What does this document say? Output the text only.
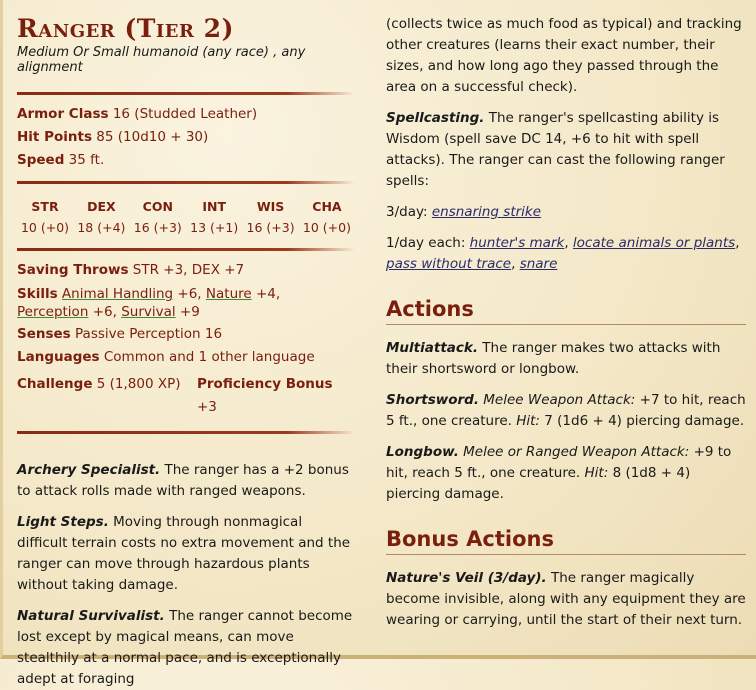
Ranger (Tier 2)
Medium Or Small humanoid (any race) , any alignment
Armor Class 16 (Studded Leather)
Hit Points 85 (10d10 + 30)
Speed 35 ft.
STR
10 (+0)
DEX
18 (+4)
CON
16 (+3)
INT
13 (+1)
WIS
16 (+3)
CHA
10 (+0)
Saving Throws STR +3, DEX +7
Skills Animal Handling +6, Nature +4, Perception +6, Survival +9
Senses Passive Perception 16
Languages Common and 1 other language
Challenge 5 (1,800 XP)	Proficiency Bonus +3

Archery Specialist. The ranger has a +2 bonus to attack rolls made with ranged weapons.

Light Steps. Moving through nonmagical difficult terrain costs no extra movement and the ranger can move through hazardous plants without taking damage.

Natural Survivalist. The ranger cannot become lost except by magical means, can move stealthily at a normal pace, and is exceptionally adept at foraging

(collects twice as much food as typical) and tracking other creatures (learns their exact number, their sizes, and how long ago they passed through the area on a successful check).

Spellcasting. The ranger's spellcasting ability is Wisdom (spell save DC 14, +6 to hit with spell attacks). The ranger can cast the following ranger spells:

3/day: ensnaring strike

1/day each: hunter's mark, locate animals or plants, pass without trace, snare

Actions

Multiattack. The ranger makes two attacks with their shortsword or longbow.

Shortsword. Melee Weapon Attack: +7 to hit, reach 5 ft., one creature. Hit: 7 (1d6 + 4) piercing damage.

Longbow. Melee or Ranged Weapon Attack: +9 to hit, reach 5 ft., one creature. Hit: 8 (1d8 + 4) piercing damage.

Bonus Actions

Nature's Veil (3/day). The ranger magically become invisible, along with any equipment they are wearing or carrying, until the start of their next turn.
